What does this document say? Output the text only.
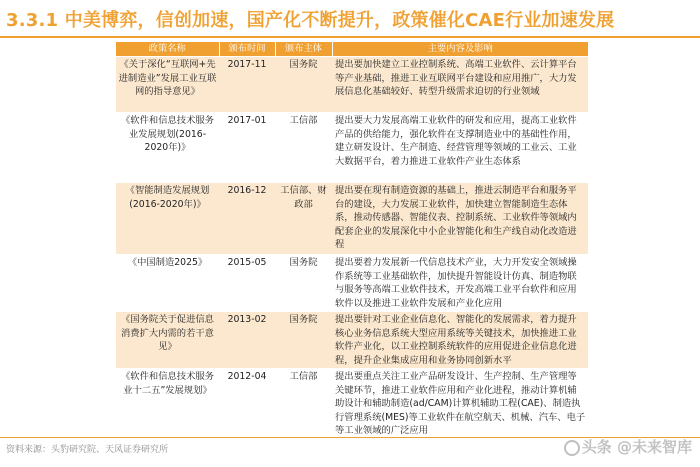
3.3.1 中美博弈，信创加速，国产化不断提升，政策催化CAE行业加速发展
政策名称	颁布时间	颁布主体	主要内容及影响
《关于深化“互联网+先进制造业”发展工业互联网的指导意见》	2017-11	国务院	提出要加快建立工业控制系统、高端工业软件、云计算平台等产业基础，推进工业互联网平台建设和应用推广，大力发展信息化基础较好、转型升级需求迫切的行业领域
《软件和信息技术服务业发展规划(2016-2020年)》	2017-01	工信部	提出要大力发展高端工业软件的研发和应用，提高工业软件产品的供给能力，强化软件在支撑制造业中的基础性作用，建立研发设计、生产制造、经营管理等领域的工业云、工业大数据平台，着力推进工业软件产业生态体系
《智能制造发展规划(2016-2020年)》	2016-12	工信部、财政部	提出要在现有制造资源的基础上，推进云制造平台和服务平台的建设，大力发展工业软件，加快建立智能制造生态体系，推动传感器、智能仪表、控制系统、工业软件等领域内配套企业的发展深化中小企业智能化和生产线自动化改造进程
《中国制造2025》	2015-05	国务院	提出要着力发展新一代信息技术产业，大力开发安全领域操作系统等工业基础软件，加快提升智能设计仿真、制造物联与服务等高端工业软件技术，开发高端工业平台软件和应用软件以及推进工业软件发展和产业化应用
《国务院关于促进信息消费扩大内需的若干意见》	2013-02	国务院	提出要针对工业企业信息化、智能化的发展需求，着力提升核心业务信息系统大型应用系统等关键技术，加快推进工业软件产业化，以工业控制系统软件的应用促进企业信息化进程，提升企业集成应用和业务协同创新水平
《软件和信息技术服务业十二五”发展规划》	2012-04	工信部	提出要重点关注工业产品研发设计、生产控制、生产管理等关键环节，推进工业软件应用和产业化进程，推动计算机辅助设计和辅助制造(ad/CAM)计算机辅助工程(CAE)、制造执行管理系统(MES)等工业软件在航空航天、机械、汽车、电子等工业领域的广泛应用
资料来源：头豹研究院、天风证券研究所	头条 @未来智库
